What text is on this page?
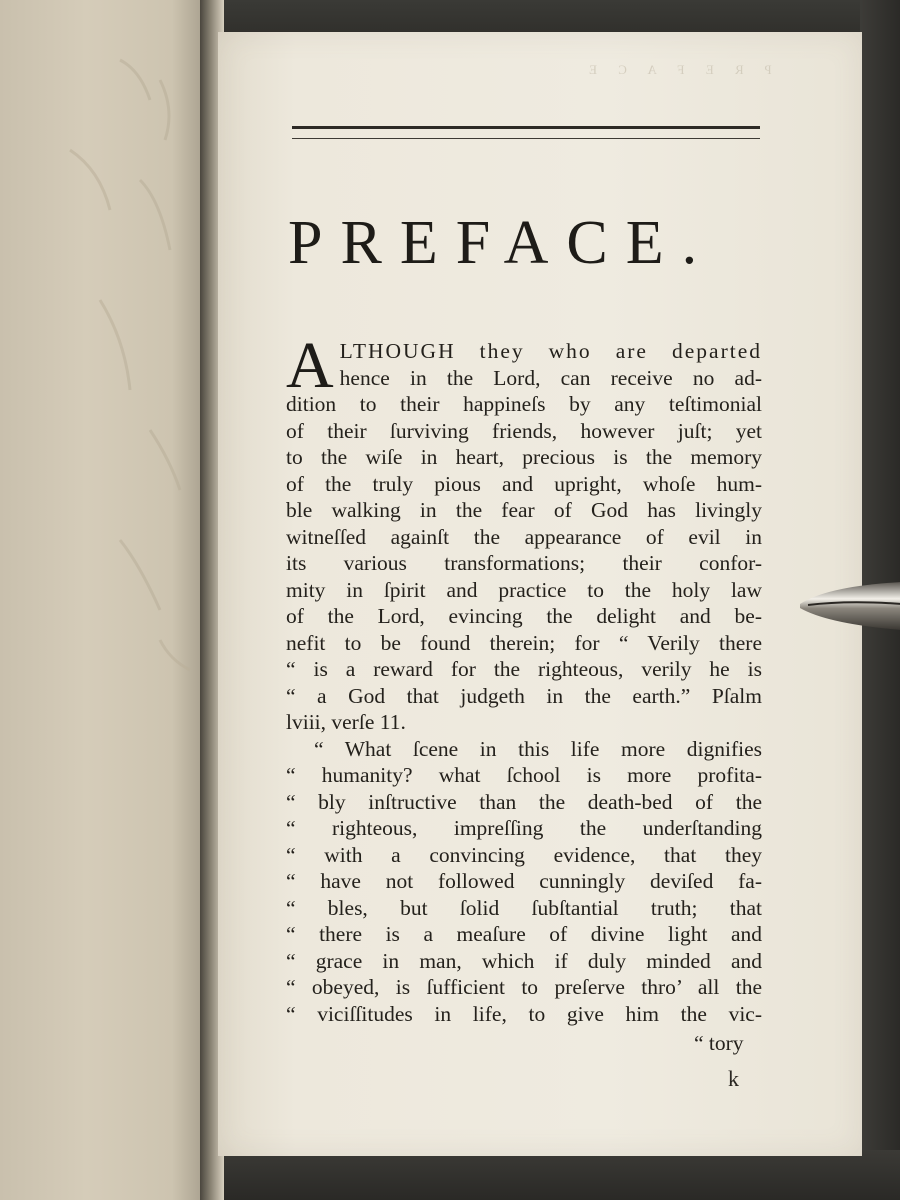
P R E F A C E
PREFACE.
A LTHOUGH they who are departed
hence in the Lord, can receive no ad-
dition to their happineſs by any teſtimonial
of their ſurviving friends, however juſt; yet
to the wiſe in heart, precious is the memory
of the truly pious and upright, whoſe hum-
ble walking in the fear of God has livingly
witneſſed againſt the appearance of evil in
its various transformations; their confor-
mity in ſpirit and practice to the holy law
of the Lord, evincing the delight and be-
nefit to be found therein; for “ Verily there
“ is a reward for the righteous, verily he is
“ a God that judgeth in the earth.” Pſalm
lviii, verſe 11.
“ What ſcene in this life more dignifies
“ humanity? what ſchool is more profita-
“ bly inſtructive than the death-bed of the
“ righteous, impreſſing the underſtanding
“ with a convincing evidence, that they
“ have not followed cunningly deviſed fa-
“ bles, but ſolid ſubſtantial truth; that
“ there is a meaſure of divine light and
“ grace in man, which if duly minded and
“ obeyed, is ſufficient to preſerve thro’ all the
“ viciſſitudes in life, to give him the vic-
“ tory
k
